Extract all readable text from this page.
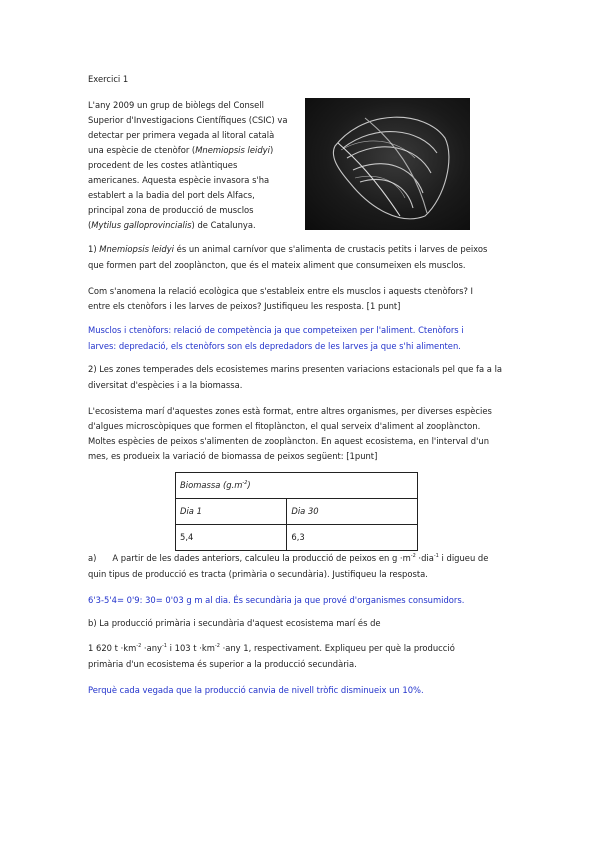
Exercici 1

L'any 2009 un grup de biòlegs del Consell

Superior d'Investigacions Científiques (CSIC) va

detectar per primera vegada al litoral català

una espècie de ctenòfor (Mnemiopsis leidyi)

procedent de les costes atlàntiques

americanes. Aquesta espècie invasora s'ha

establert a la badia del port dels Alfacs,

principal zona de producció de musclos

(Mytilus galloprovincialis) de Catalunya.

1) Mnemiopsis leidyi és un animal carnívor que s'alimenta de crustacis petits i larves de peixos

que formen part del zooplàncton, que és el mateix aliment que consumeixen els musclos.

Com s'anomena la relació ecològica que s'estableix entre els musclos i aquests ctenòfors? I

entre els ctenòfors i les larves de peixos? Justifiqueu les resposta. [1 punt]

Musclos i ctenòfors: relació de competència ja que competeixen per l'aliment. Ctenòfors i

larves: depredació, els ctenòfors son els depredadors de les larves ja que s'hi alimenten.

2) Les zones temperades dels ecosistemes marins presenten variacions estacionals pel que fa a la

diversitat d'espècies i a la biomassa.

L'ecosistema marí d'aquestes zones està format, entre altres organismes, per diverses espècies

d'algues microscòpiques que formen el fitoplàncton, el qual serveix d'aliment al zooplàncton.

Moltes espècies de peixos s'alimenten de zooplàncton. En aquest ecosistema, en l'interval d'un

mes, es produeix la variació de biomassa de peixos següent: [1punt]

Biomassa $(g.m^{-2})$	
Dia 1	Dia 30
5,4	6,3

a) A partir de les dades anteriors, calculeu la producció de peixos en $g \cdot m^{-2} \cdot dia^{-1}$ i digueu de

quin tipus de producció es tracta (primària o secundària). Justifiqueu la resposta.

6'3-5'4= 0'9: 30= 0'03 g m al dia. És secundària ja que prové d'organismes consumidors.

b) La producció primària i secundària d'aquest ecosistema marí és de

1 620 $t \cdot km^{-2} \cdot any^{-1}$ i 103 $t \cdot km^{-2} \cdot any$ 1, respectivament. Expliqueu per què la producció

primària d'un ecosistema és superior a la producció secundària.

Perquè cada vegada que la producció canvia de nivell tròfic disminueix un 10%.
